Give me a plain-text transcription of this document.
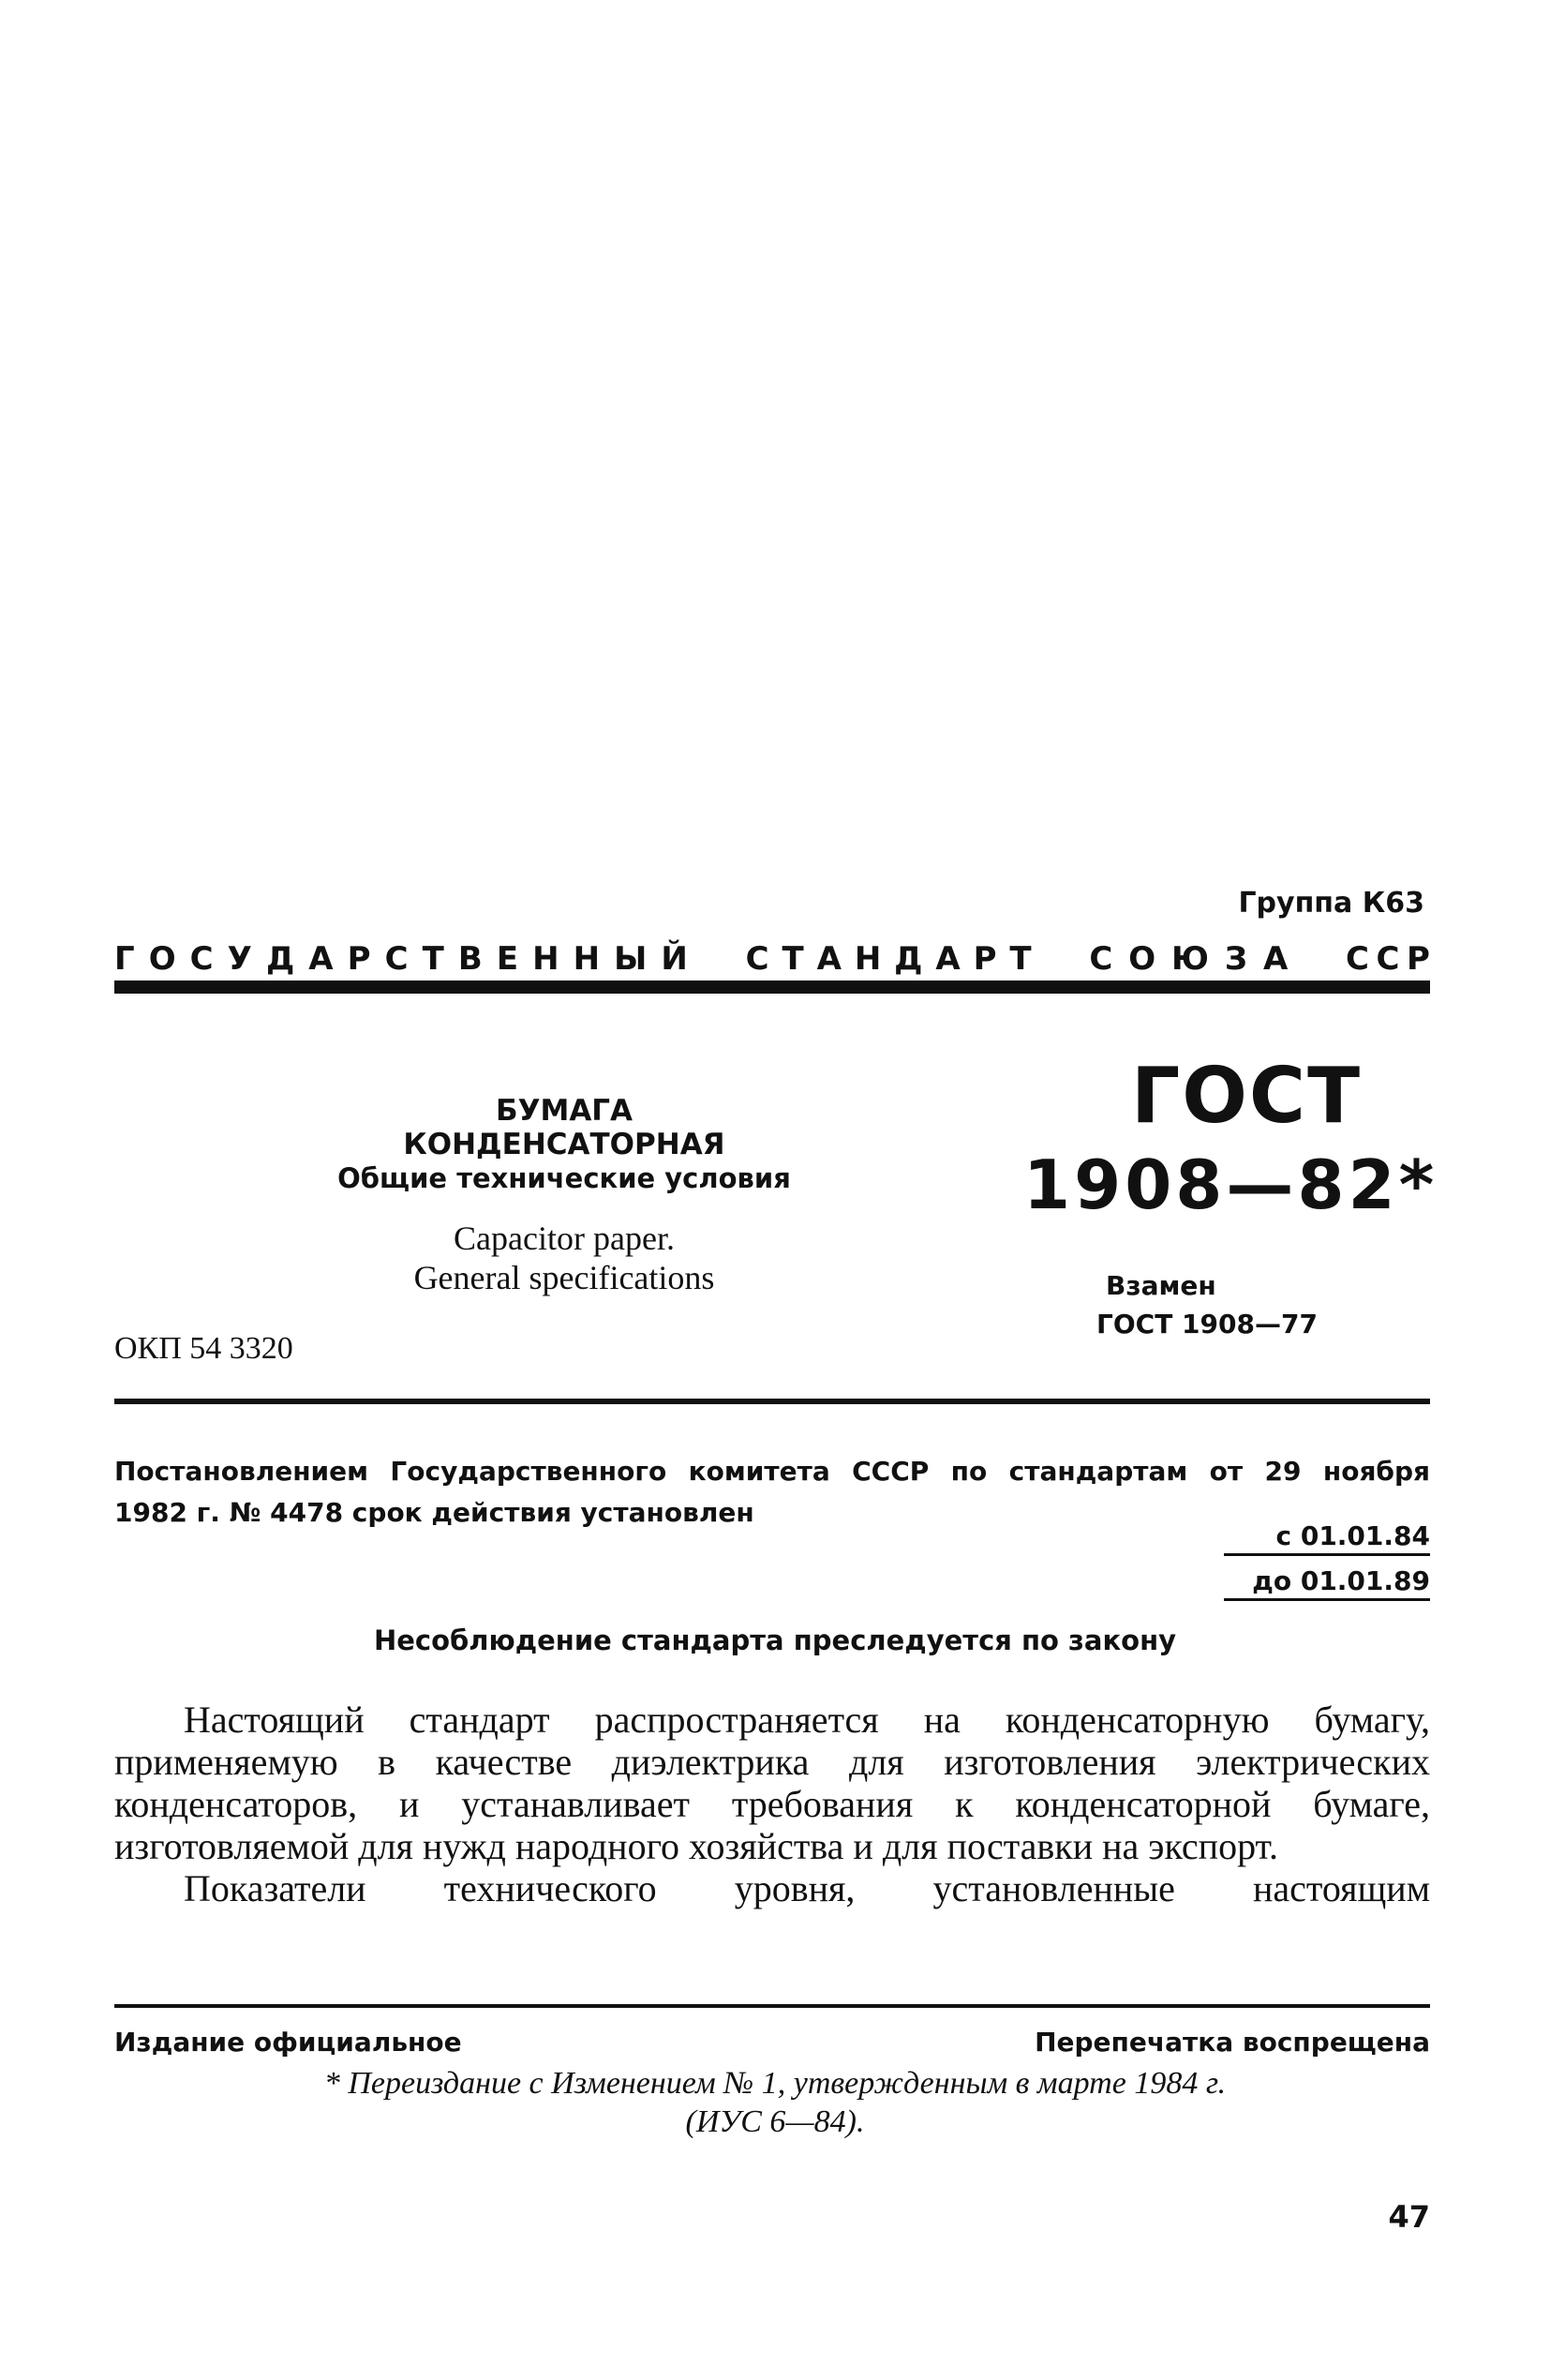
Группа К63
Г О С У Д А Р С Т В Е Н Н Ы Й С Т А Н Д А Р Т С О Ю З А С С Р
БУМАГА КОНДЕНСАТОРНАЯ
Общие технические условия
Capacitor paper.
General specifications
ОКП 54 3320
ГОСТ
1908—82*
Взамен
ГОСТ 1908—77
Постановлением Государственного комитета СССР по стандартам от 29 ноября
1982 г. № 4478 срок действия установлен
с 01.01.84
до 01.01.89
Несоблюдение стандарта преследуется по закону

Настоящий стандарт распространяется на конденсаторную бумагу, применяемую в качестве диэлектрика для изготовления электрических конденсаторов, и устанавливает требования к конденсаторной бумаге, изготовляемой для нужд народного хозяйства и для поставки на экспорт.

Показатели технического уровня, установленные настоящим

Издание официальное	Перепечатка воспрещена
* Переиздание с Изменением № 1, утвержденным в марте 1984 г.
(ИУС 6—84).
47
